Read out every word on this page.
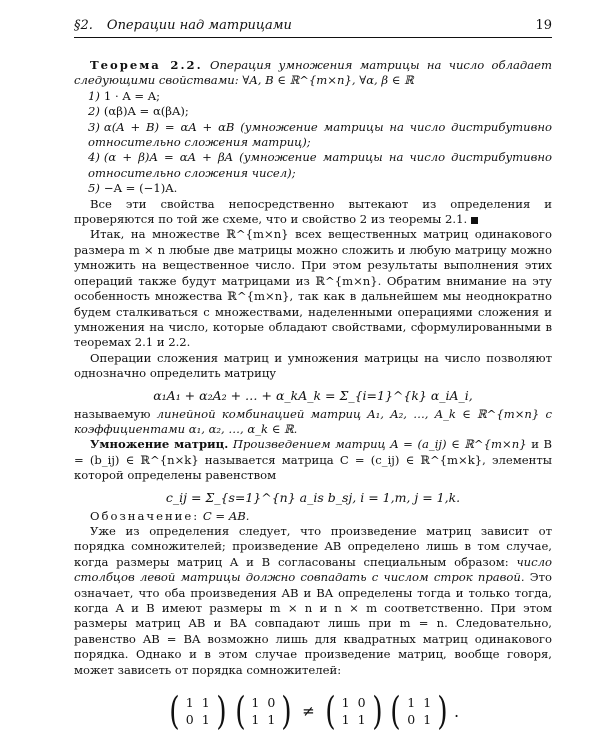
§2. Операции над матрицами	19

Теорема 2.2. Операция умножения матрицы на число обладает следующими свойствами: ∀A, B ∈ ℝ^{m×n}, ∀α, β ∈ ℝ

1) 1 · A = A;
2) (αβ)A = α(βA);
3) α(A + B) = αA + αB (умножение матрицы на число дистрибутивно относительно сложения матриц);
4) (α + β)A = αA + βA (умножение матрицы на число дистрибутивно относительно сложения чисел);
5) −A = (−1)A.

Все эти свойства непосредственно вытекают из определения и проверяются по той же схеме, что и свойство 2 из теоремы 2.1.

Итак, на множестве ℝ^{m×n} всех вещественных матриц одинакового размера m × n любые две матрицы можно сложить и любую матрицу можно умножить на вещественное число. При этом результаты выполнения этих операций также будут матрицами из ℝ^{m×n}. Обратим внимание на эту особенность множества ℝ^{m×n}, так как в дальнейшем мы неоднократно будем сталкиваться с множествами, наделенными операциями сложения и умножения на число, которые обладают свойствами, сформулированными в теоремах 2.1 и 2.2.

Операции сложения матриц и умножения матрицы на число позволяют однозначно определить матрицу

α₁A₁ + α₂A₂ + … + α_kA_k = Σ_{i=1}^{k} α_iA_i,

называемую линейной комбинацией матриц A₁, A₂, …, A_k ∈ ℝ^{m×n} с коэффициентами α₁, α₂, …, α_k ∈ ℝ.

Умножение матриц. Произведением матриц A = (a_ij) ∈ ℝ^{m×n} и B = (b_ij) ∈ ℝ^{n×k} называется матрица C = (c_ij) ∈ ℝ^{m×k}, элементы которой определены равенством

c_ij = Σ_{s=1}^{n} a_is b_sj, i = 1,m, j = 1,k.

Обозначение: C = AB.

Уже из определения следует, что произведение матриц зависит от порядка сомножителей; произведение AB определено лишь в том случае, когда размеры матриц A и B согласованы специальным образом: число столбцов левой матрицы должно совпадать с числом строк правой. Это означает, что оба произведения AB и BA определены тогда и только тогда, когда A и B имеют размеры m × n и n × m соответственно. При этом размеры матриц AB и BA совпадают лишь при m = n. Следовательно, равенство AB = BA возможно лишь для квадратных матриц одинакового порядка. Однако и в этом случае произведение матриц, вообще говоря, может зависеть от порядка сомножителей:

( 1 1
0 1 ) ( 1 0
1 1 ) ≠ ( 1 0
1 1 ) ( 1 1
0 1 ) .
